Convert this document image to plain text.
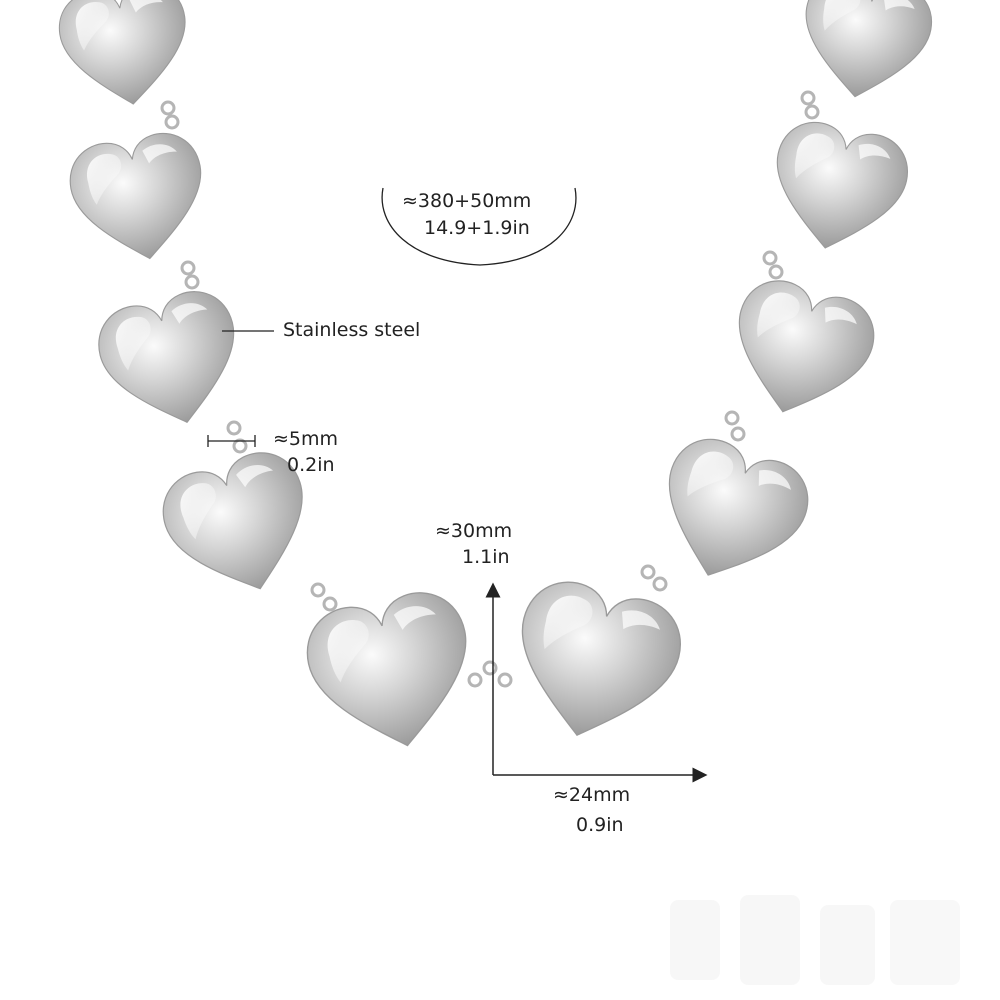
≈380+50mm
14.9+1.9in
Stainless steel
≈5mm
0.2in
≈30mm
1.1in
≈24mm
0.9in
